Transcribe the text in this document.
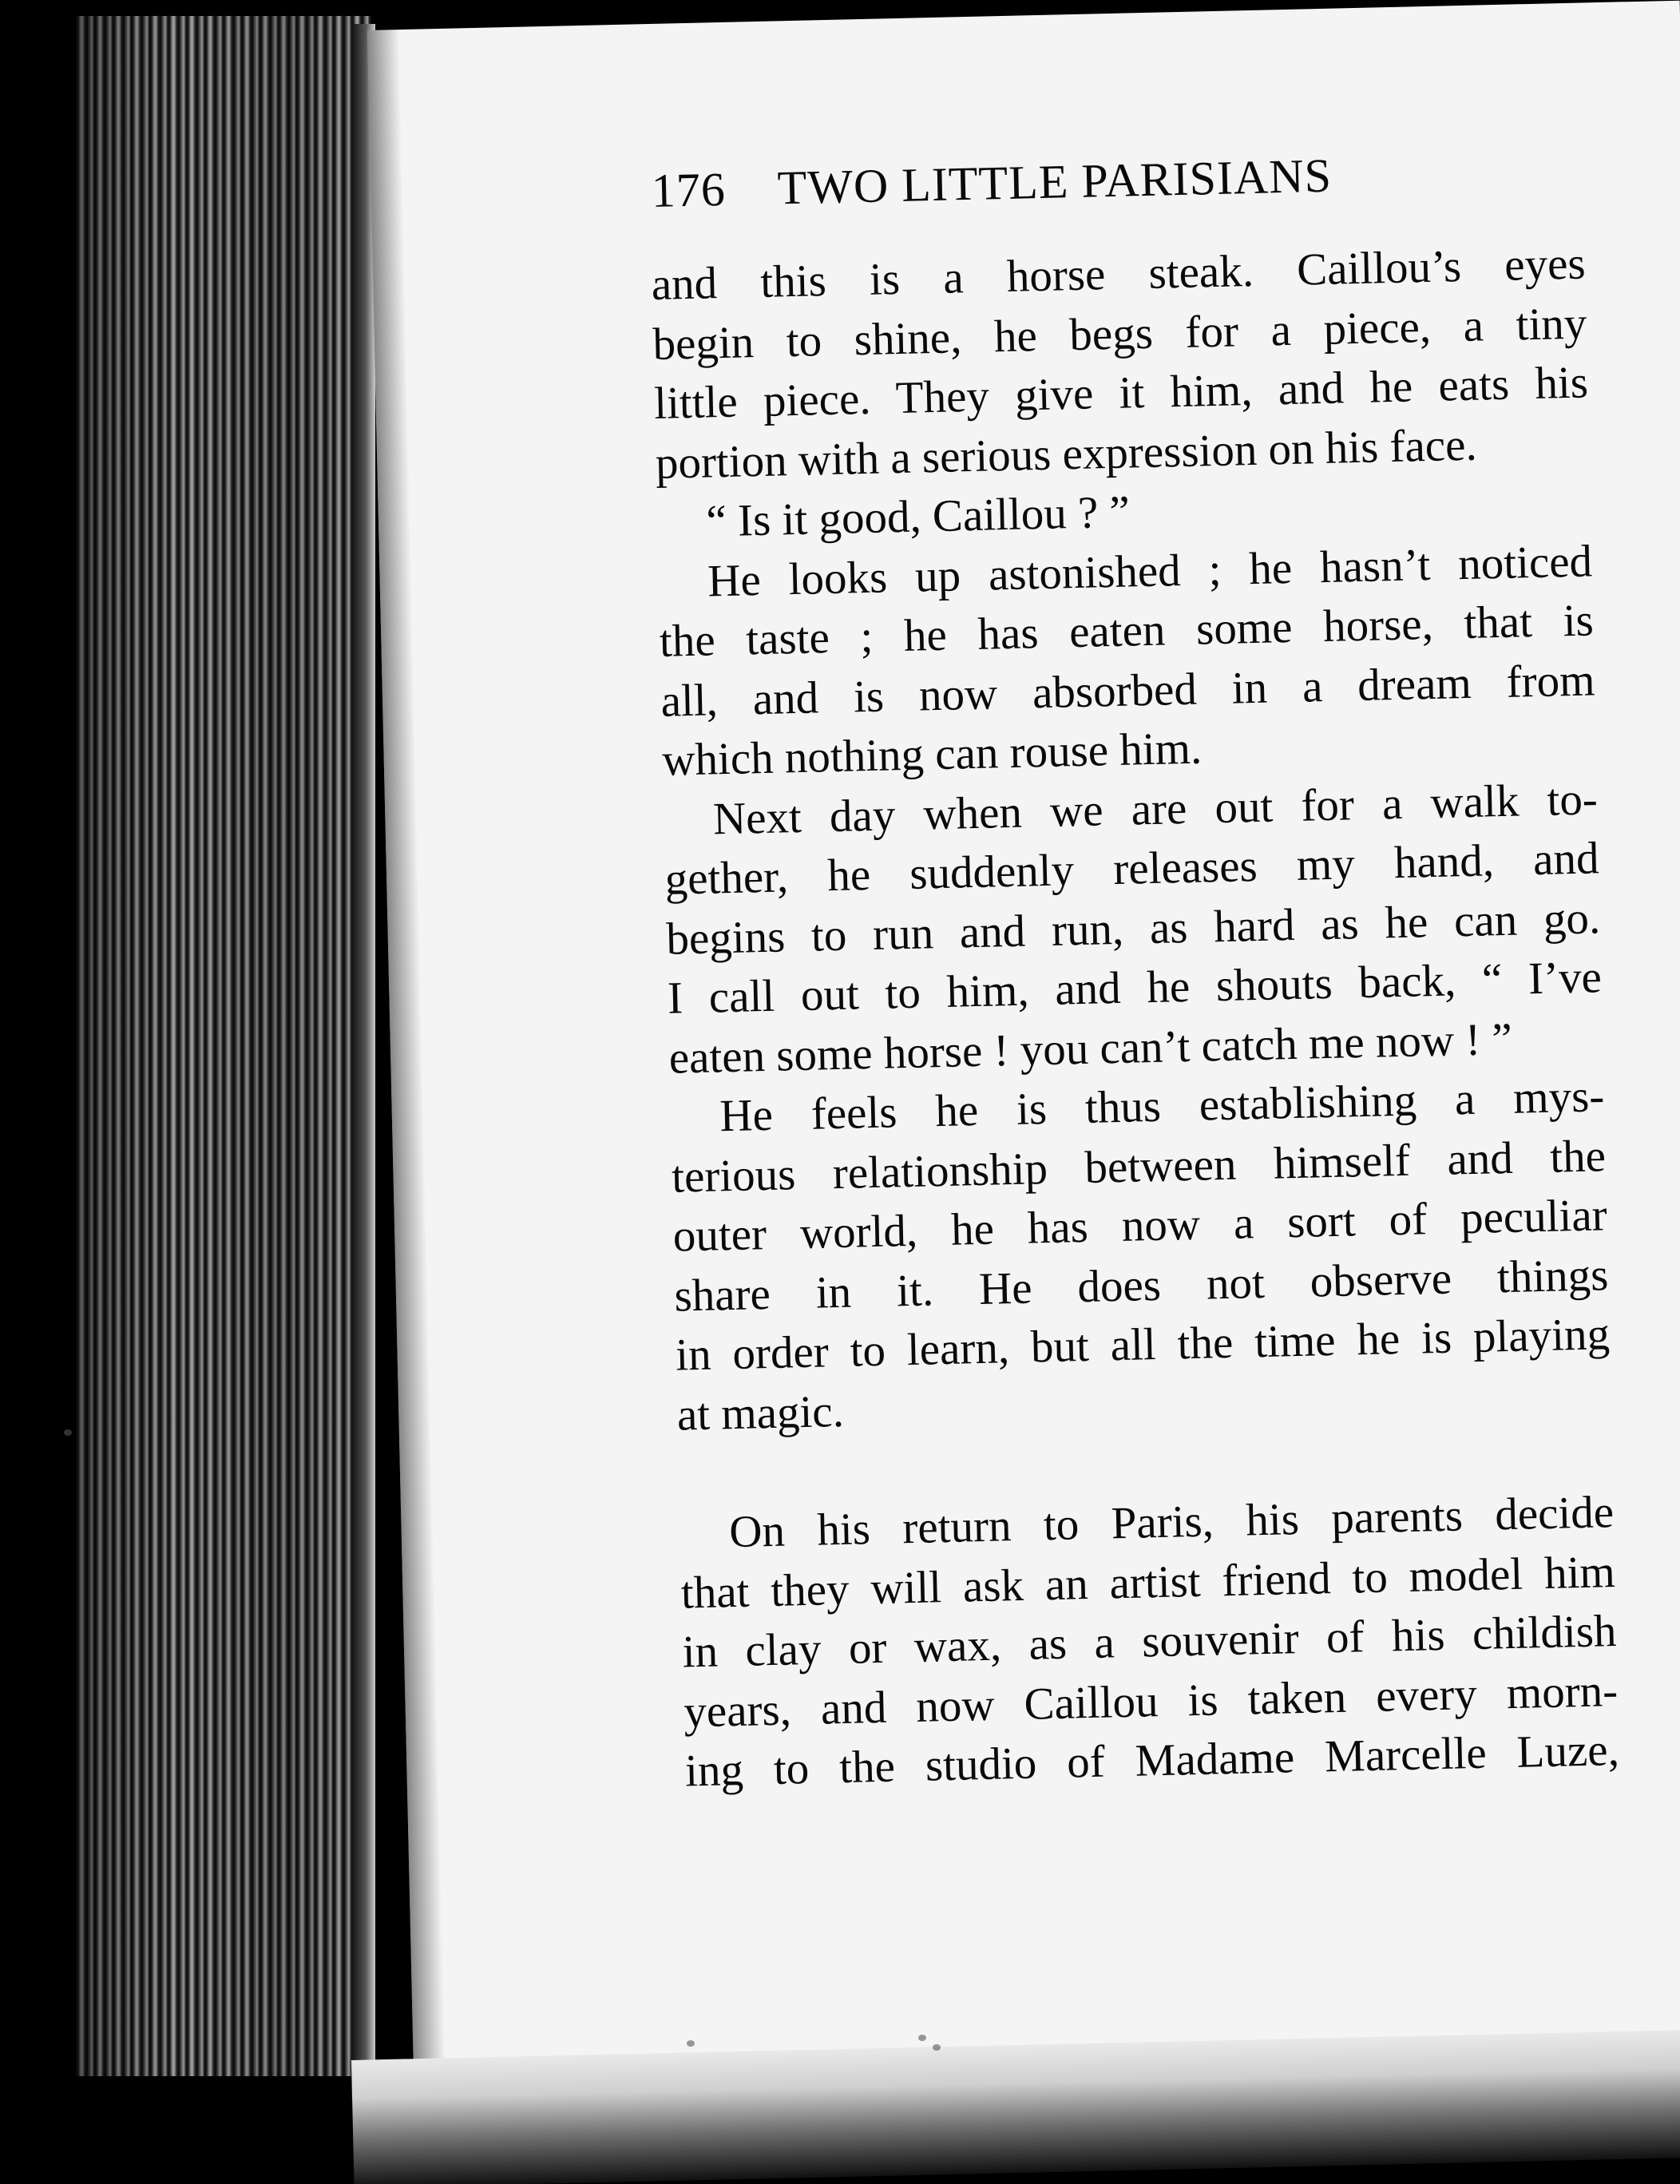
176 TWO LITTLE PARISIANS
and this is a horse steak. Caillou’s eyes
begin to shine, he begs for a piece, a tiny
little piece. They give it him, and he eats his
portion with a serious expression on his face.
“ Is it good, Caillou ? ”
He looks up astonished ; he hasn’t noticed
the taste ; he has eaten some horse, that is
all, and is now absorbed in a dream from
which nothing can rouse him.
Next day when we are out for a walk to-
gether, he suddenly releases my hand, and
begins to run and run, as hard as he can go.
I call out to him, and he shouts back, “ I’ve
eaten some horse ! you can’t catch me now ! ”
He feels he is thus establishing a mys-
terious relationship between himself and the
outer world, he has now a sort of peculiar
share in it. He does not observe things
in order to learn, but all the time he is playing
at magic.
On his return to Paris, his parents decide
that they will ask an artist friend to model him
in clay or wax, as a souvenir of his childish
years, and now Caillou is taken every morn-
ing to the studio of Madame Marcelle Luze,
